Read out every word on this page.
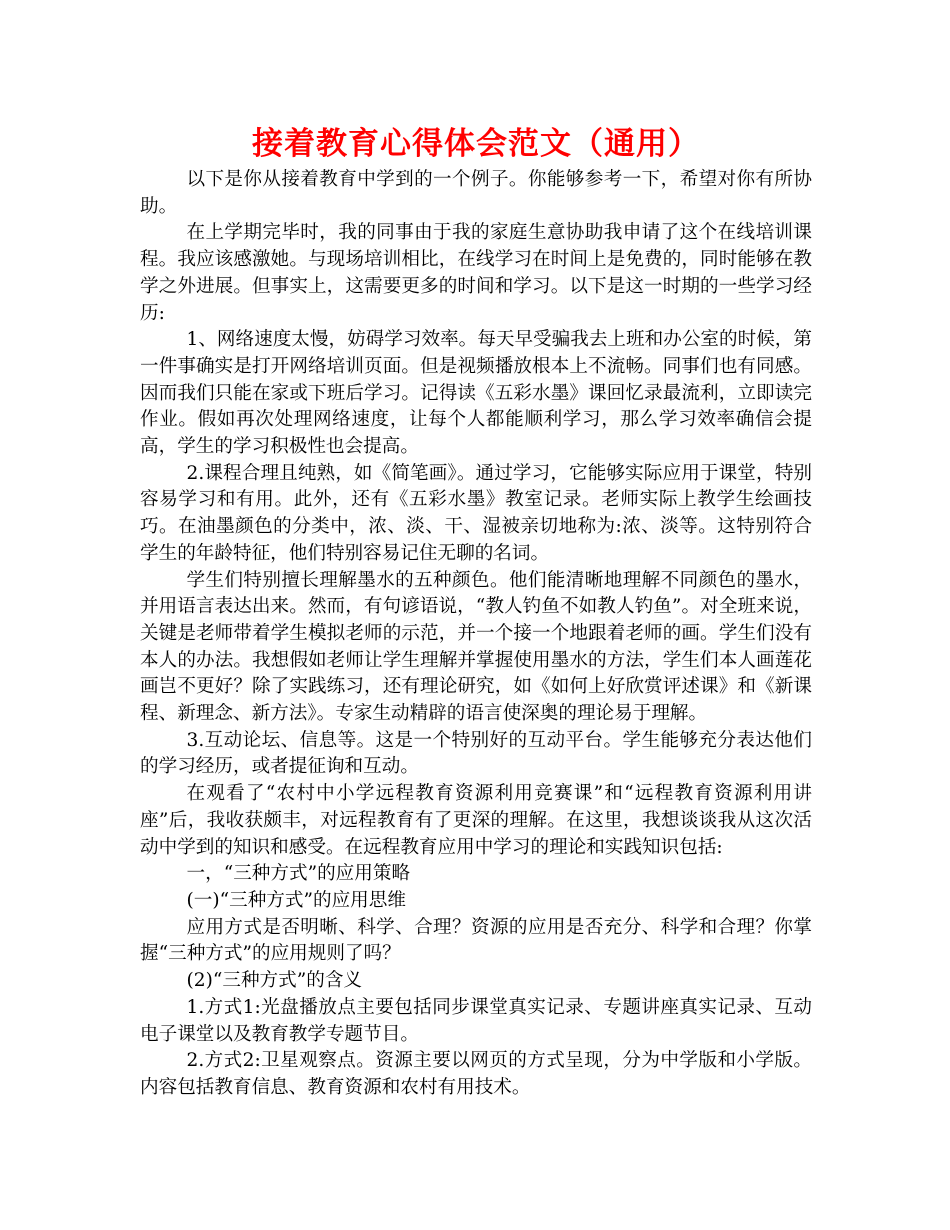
接着教育心得体会范文（通用）

以下是你从接着教育中学到的一个例子。你能够参考一下，希望对你有所协助。

在上学期完毕时，我的同事由于我的家庭生意协助我申请了这个在线培训课程。我应该感激她。与现场培训相比，在线学习在时间上是免费的，同时能够在教学之外进展。但事实上，这需要更多的时间和学习。以下是这一时期的一些学习经历:

1、网络速度太慢，妨碍学习效率。每天早受骗我去上班和办公室的时候，第一件事确实是打开网络培训页面。但是视频播放根本上不流畅。同事们也有同感。因而我们只能在家或下班后学习。记得读《五彩水墨》课回忆录最流利，立即读完作业。假如再次处理网络速度，让每个人都能顺利学习，那么学习效率确信会提高，学生的学习积极性也会提高。

2.课程合理且纯熟，如《简笔画》。通过学习，它能够实际应用于课堂，特别容易学习和有用。此外，还有《五彩水墨》教室记录。老师实际上教学生绘画技巧。在油墨颜色的分类中，浓、淡、干、湿被亲切地称为:浓、淡等。这特别符合学生的年龄特征，他们特别容易记住无聊的名词。

学生们特别擅长理解墨水的五种颜色。他们能清晰地理解不同颜色的墨水，并用语言表达出来。然而，有句谚语说，“教人钓鱼不如教人钓鱼”。对全班来说，关键是老师带着学生模拟老师的示范，并一个接一个地跟着老师的画。学生们没有本人的办法。我想假如老师让学生理解并掌握使用墨水的方法，学生们本人画莲花画岂不更好？除了实践练习，还有理论研究，如《如何上好欣赏评述课》和《新课程、新理念、新方法》。专家生动精辟的语言使深奥的理论易于理解。

3.互动论坛、信息等。这是一个特别好的互动平台。学生能够充分表达他们的学习经历，或者提征询和互动。

在观看了“农村中小学远程教育资源利用竞赛课”和“远程教育资源利用讲座”后，我收获颇丰，对远程教育有了更深的理解。在这里，我想谈谈我从这次活动中学到的知识和感受。在远程教育应用中学习的理论和实践知识包括:

一，“三种方式”的应用策略

(一)“三种方式”的应用思维

应用方式是否明晰、科学、合理？资源的应用是否充分、科学和合理？你掌握“三种方式”的应用规则了吗？

(2)“三种方式”的含义

1.方式1:光盘播放点主要包括同步课堂真实记录、专题讲座真实记录、互动电子课堂以及教育教学专题节目。

2.方式2:卫星观察点。资源主要以网页的方式呈现，分为中学版和小学版。内容包括教育信息、教育资源和农村有用技术。
